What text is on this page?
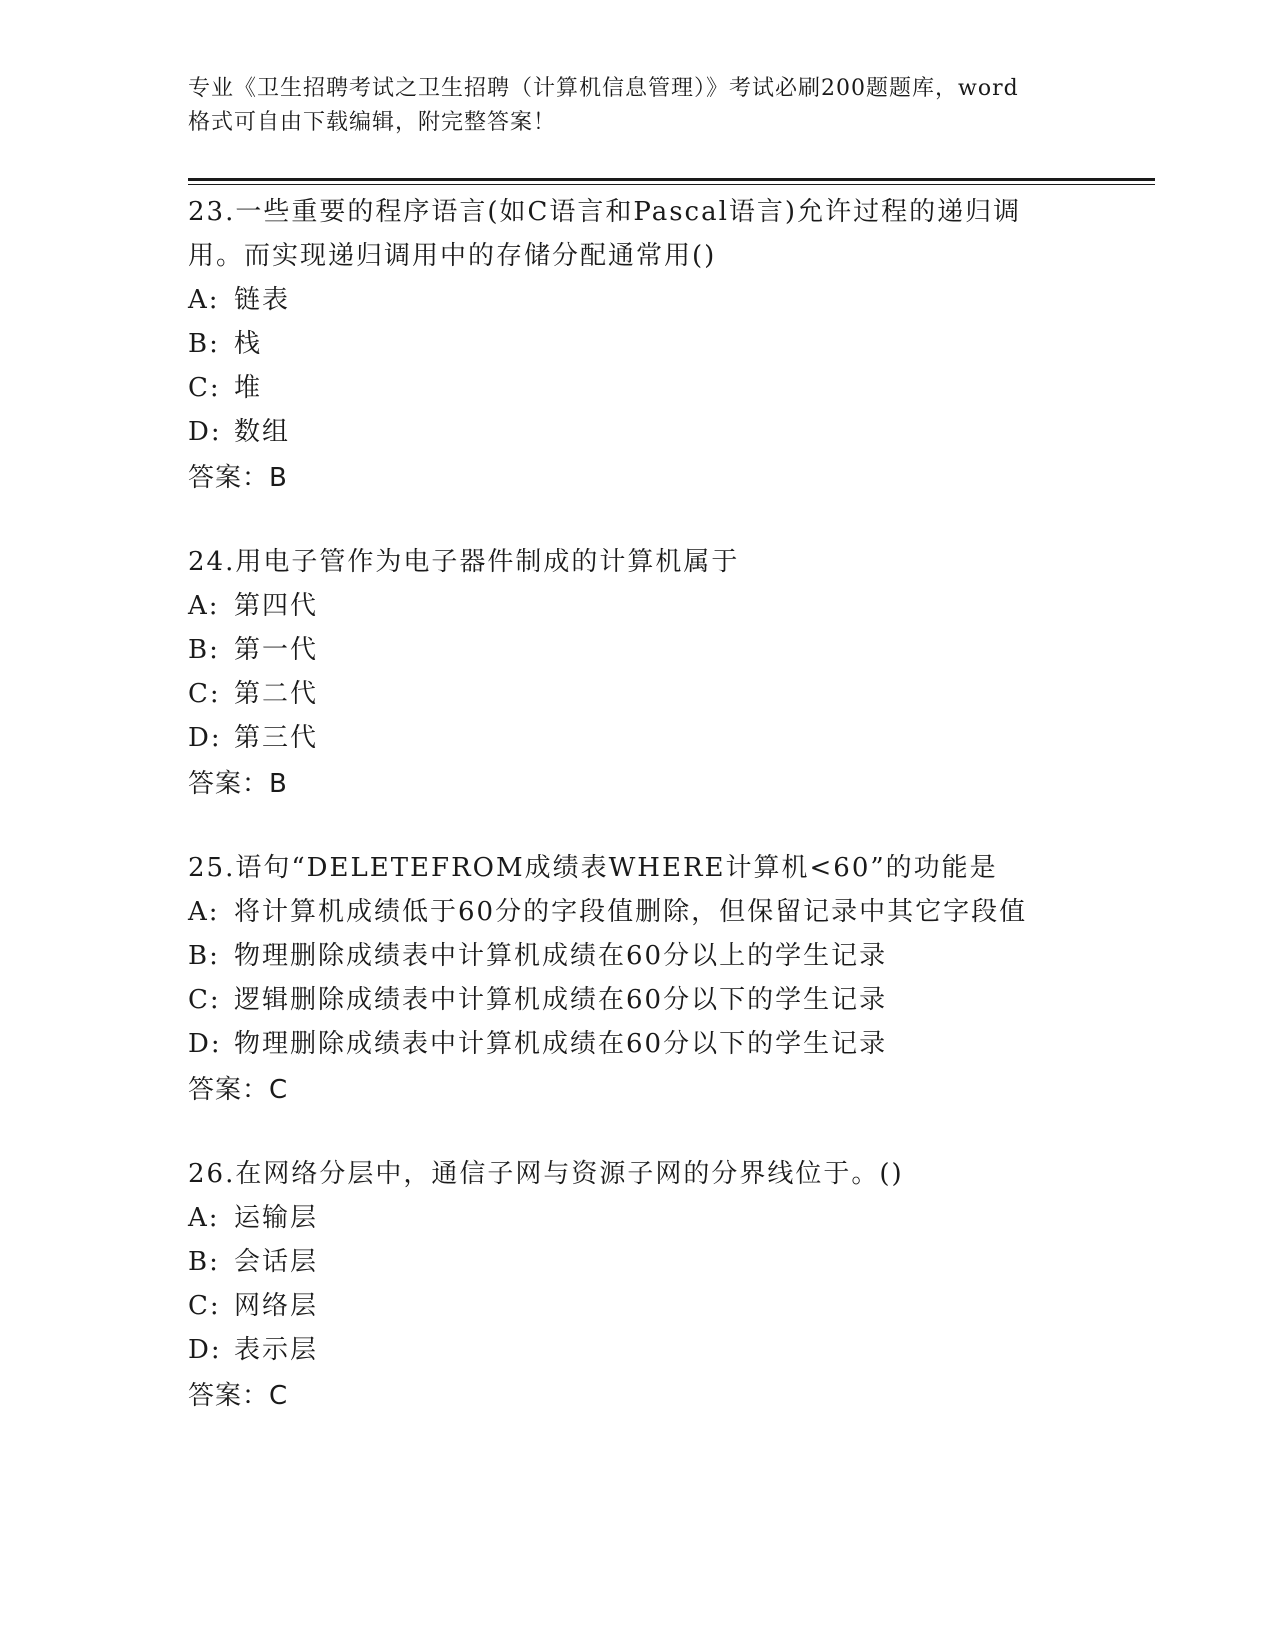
专业《卫生招聘考试之卫生招聘（计算机信息管理）》考试必刷200题题库，word
格式可自由下载编辑，附完整答案！
23.一些重要的程序语言(如C语言和Pascal语言)允许过程的递归调
用。而实现递归调用中的存储分配通常用()
A: 链表
B: 栈
C: 堆
D: 数组
答案：B
24.用电子管作为电子器件制成的计算机属于
A: 第四代
B: 第一代
C: 第二代
D: 第三代
答案：B
25.语句“DELETEFROM成绩表WHERE计算机<60”的功能是
A: 将计算机成绩低于60分的字段值删除，但保留记录中其它字段值
B: 物理删除成绩表中计算机成绩在60分以上的学生记录
C: 逻辑删除成绩表中计算机成绩在60分以下的学生记录
D: 物理删除成绩表中计算机成绩在60分以下的学生记录
答案：C
26.在网络分层中，通信子网与资源子网的分界线位于。()
A: 运输层
B: 会话层
C: 网络层
D: 表示层
答案：C
